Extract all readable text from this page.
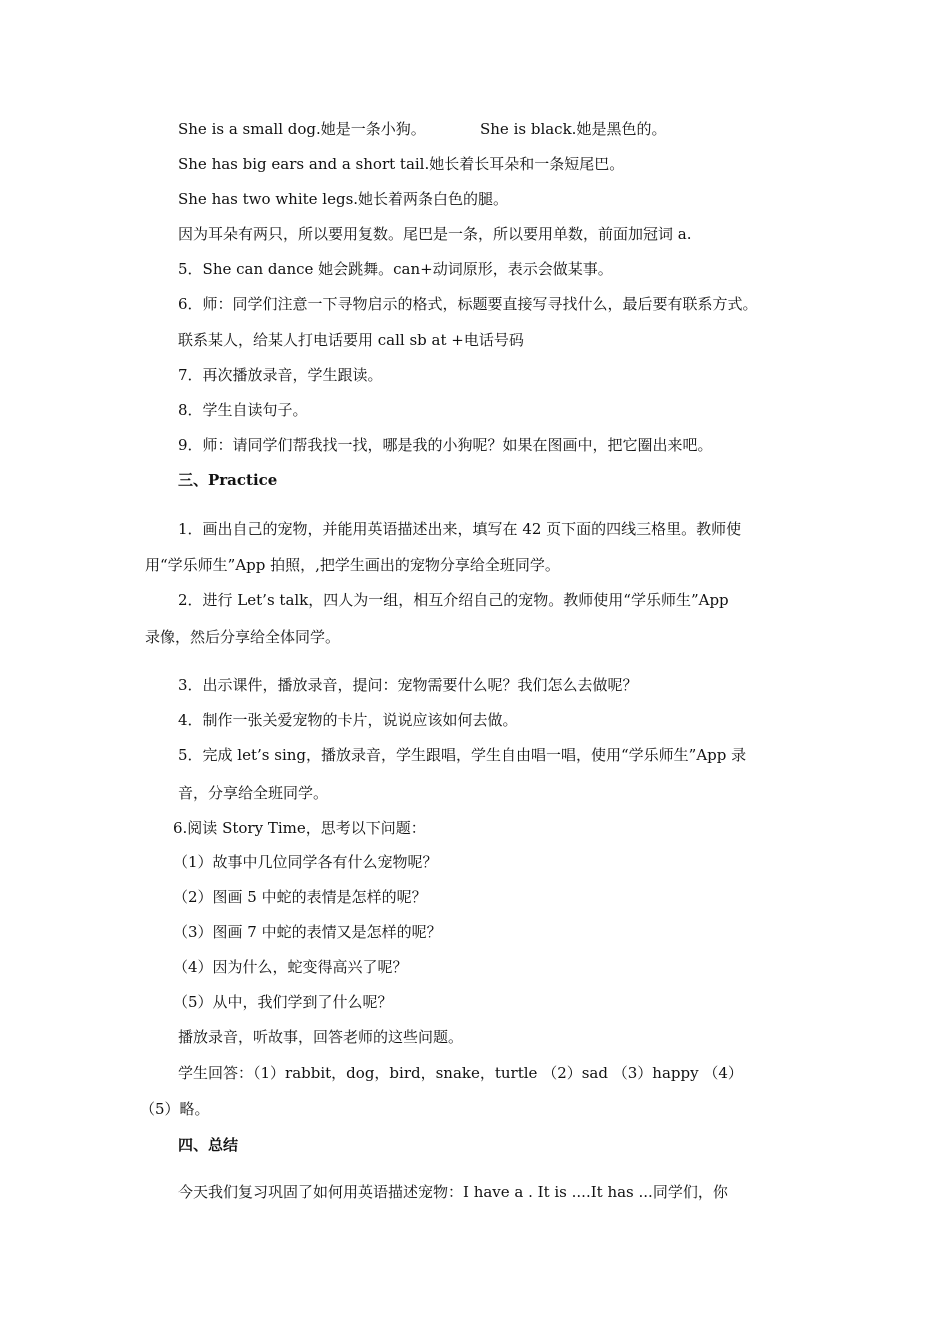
She is a small dog.她是一条小狗。	She is black.她是黑色的。
She has big ears and a short tail.她长着长耳朵和一条短尾巴。
She has two white legs.她长着两条白色的腿。
因为耳朵有两只，所以要用复数。尾巴是一条，所以要用单数，前面加冠词 a.
5．She can dance 她会跳舞。can+动词原形，表示会做某事。
6．师：同学们注意一下寻物启示的格式，标题要直接写寻找什么，最后要有联系方式。
联系某人，给某人打电话要用 call sb at +电话号码
7．再次播放录音，学生跟读。
8．学生自读句子。
9．师：请同学们帮我找一找，哪是我的小狗呢？如果在图画中，把它圈出来吧。
三、Practice
1．画出自己的宠物，并能用英语描述出来，填写在 42 页下面的四线三格里。教师使
用“学乐师生”App 拍照，,把学生画出的宠物分享给全班同学。
2．进行 Let’s talk，四人为一组，相互介绍自己的宠物。教师使用“学乐师生”App
录像，然后分享给全体同学。
3．出示课件，播放录音，提问：宠物需要什么呢？我们怎么去做呢？
4．制作一张关爱宠物的卡片，说说应该如何去做。
5．完成 let’s sing，播放录音，学生跟唱，学生自由唱一唱，使用“学乐师生”App 录
音，分享给全班同学。
6.阅读 Story Time，思考以下问题：
（1）故事中几位同学各有什么宠物呢？
（2）图画 5 中蛇的表情是怎样的呢？
（3）图画 7 中蛇的表情又是怎样的呢？
（4）因为什么，蛇变得高兴了呢？
（5）从中，我们学到了什么呢？
播放录音，听故事，回答老师的这些问题。
学生回答：（1）rabbit，dog，bird，snake，turtle （2）sad （3）happy （4）
（5）略。
四、总结
今天我们复习巩固了如何用英语描述宠物：I have a . It is ....It has ...同学们，你
